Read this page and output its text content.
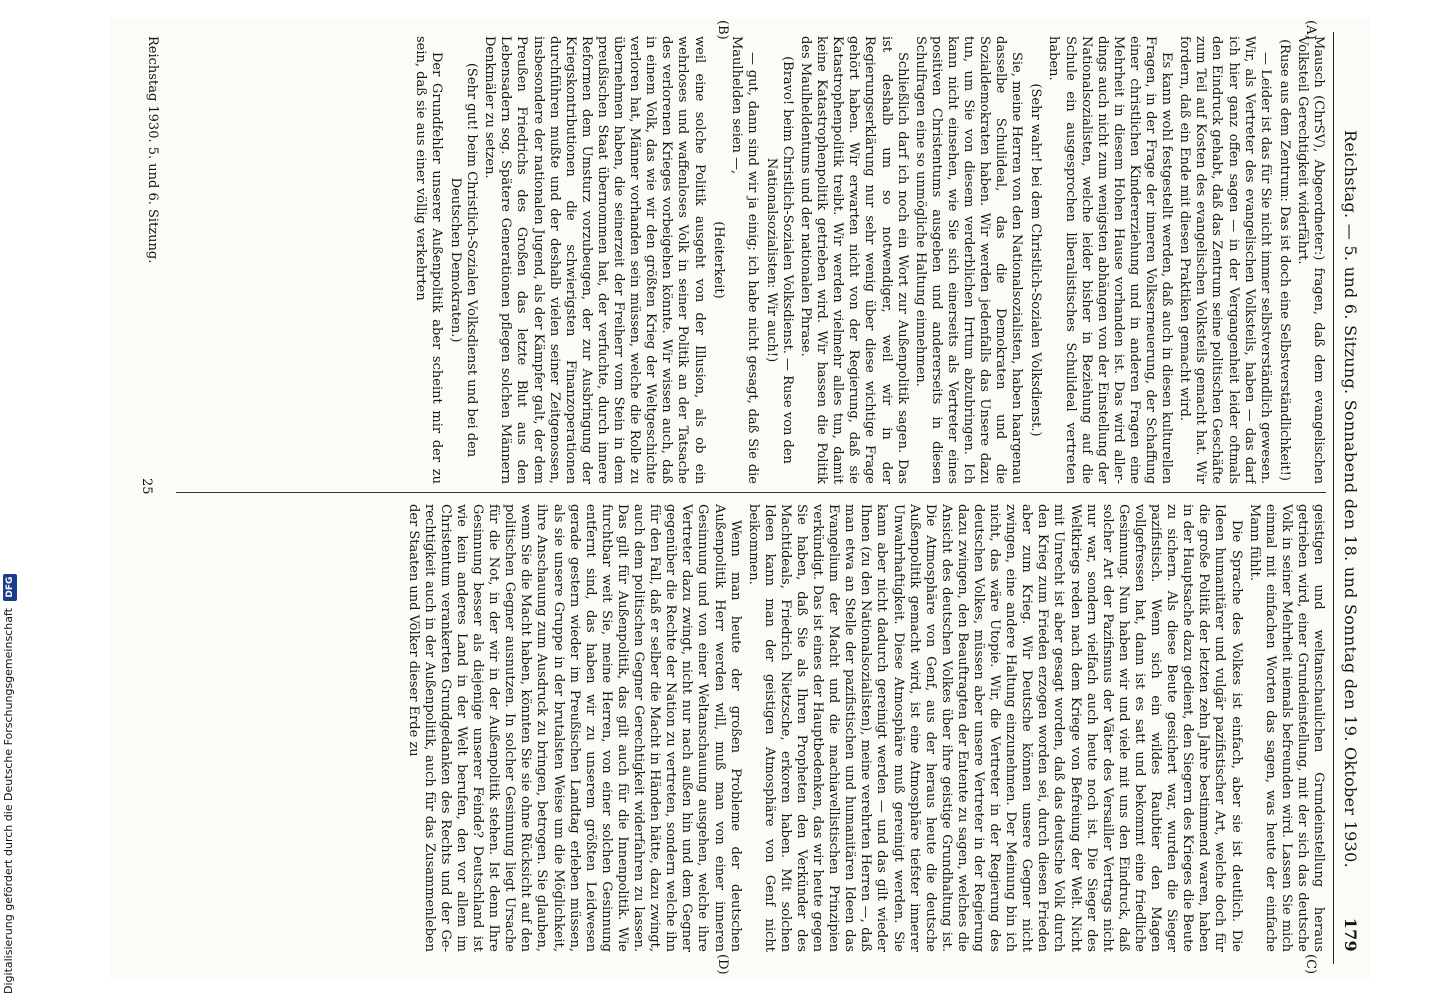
Reichstag. — 5. und 6. Sitzung. Sonnabend den 18. und Sonntag den 19. Oktober 1930.
179

Mausch (ChrSV), Abgeordneter:) fragen, daß dem evangelischen Volksteil Gerechtigkeit widerfährt.

(Ruse aus dem Zentrum: Das ist doch eine Selbstverständlichkeit!)

— Leider ist das für Sie nicht immer selbstverständlich gewesen. Wir, als Vertreter des evangelischen Volksteils, haben — das darf ich hier ganz offen sagen — in der Vergangenheit leider oftmals den Eindruck gehabt, daß das Zentrum seine politischen Geschäfte zum Teil auf Kosten des evangelischen Volksteils gemacht hat. Wir fordern, daß ein Ende mit diesen Praktiken gemacht wird.

Es kann wohl festgestellt werden, daß auch in diesen kulturellen Fragen, in der Frage der inneren Volkserneuerung, der Schaffung einer christlichen Kindererziehung und in anderen Fragen eine Mehrheit in diesem Hohen Hause vorhanden ist. Das wird allerdings auch nicht zum wenigsten abhängen von der Einstellung der Nationalsozialisten, welche leider bisher in Beziehung auf die Schule ein ausgesprochen liberalistisches Schulideal vertreten haben.

(Sehr wahr! bei dem Christlich-Sozialen Volksdienst.)

Sie, meine Herren von den Nationalsozialisten, haben haargenau dasselbe Schulideal, das die Demokraten und die Sozialdemokraten haben. Wir werden jedenfalls das Unsere dazu tun, um Sie von diesem verderblichen Irrtum abzubringen. Ich kann nicht einsehen, wie Sie sich einerseits als Vertreter eines positiven Christentums ausgeben und andererseits in diesen Schulfragen eine so unmögliche Haltung einnehmen.

Schließlich darf ich noch ein Wort zur Außenpolitik sagen. Das ist deshalb um so notwendiger, weil wir in der Regierungserklärung nur sehr wenig über diese wichtige Frage gehört haben. Wir erwarten nicht von der Regierung, daß sie Katastrophenpolitik treibt. Wir werden vielmehr alles tun, damit keine Katastrophenpolitik getrieben wird. Wir hassen die Politik des Maulheldentums und der nationalen Phrase.

(Bravo! beim Christlich-Sozialen Volksdienst. — Ruse von den Nationalsozialisten: Wir auch!)

— gut, dann sind wir ja einig; ich habe nicht gesagt, daß Sie die Maulhelden seien —,

(Heiterkeit)

weil eine solche Politik ausgeht von der Illusion, als ob ein wehrloses und waffenloses Volk in seiner Politik an der Tatsache des verlorenen Krieges vorbeigehen könnte. Wir wissen auch, daß in einem Volk, das wie wir den größten Krieg der Weltgeschichte verloren hat, Männer vorhanden sein müssen, welche die Rolle zu übernehmen haben, die seinerzeit der Freiherr vom Stein in dem preußischen Staat übernommen hat, der verfuchte, durch innere Reformen dem Umsturz vorzubeugen, der zur Ausbringung der Kriegskontributionen die schwierigsten Finanzoperationen durchführen mußte und der deshalb vielen seiner Zeitgenossen, insbesondere der nationalen Jugend, als der Kämpfer galt, der dem Preußen Friedrichs des Großen das letzte Blut aus den Lebensadern sog. Spätere Generationen pflegen solchen Männern Denkmäler zu setzen.

(Sehr gut! beim Christlich-Sozialen Volksdienst und bei den Deutschen Demokraten.)

Der Grundfehler unserer Außenpolitik aber scheint mir der zu sein, daß sie aus einer völlig verkehrten

geistigen und weltanschaulichen Grundeinstellung heraus getrieben wird, einer Grundeinstellung, mit der sich das deutsche Volk in seiner Mehrheit niemals befreunden wird. Lassen Sie mich einmal mit einfachen Worten das sagen, was heute der einfache Mann fühlt.

Die Sprache des Volkes ist einfach, aber sie ist deutlich. Die Ideen humanitärer und vulgär pazifistischer Art, welche doch für die große Politik der letzten zehn Jahre bestimmend waren, haben in der Hauptsache dazu gedient, den Siegern des Krieges die Beute zu sichern. Als diese Beute gesichert war, wurden die Sieger pazifistisch. Wenn sich ein wildes Raubtier den Magen vollgefressen hat, dann ist es satt und bekommt eine friedliche Gesinnung. Nun haben wir und viele mit uns den Eindruck, daß solcher Art der Pazifismus der Väter des Versailler Vertrags nicht nur war, sondern vielfach auch heute noch ist. Die Sieger des Weltkriegs reden nach dem Kriege von Befreiung der Welt. Nicht mit Unrecht ist aber gesagt worden, daß das deutsche Volk durch den Krieg zum Frieden erzogen worden sei, durch diesen Frieden aber zum Krieg. Wir Deutsche können unsere Gegner nicht zwingen, eine andere Haltung einzunehmen. Der Meinung bin ich nicht, das wäre Utopie. Wir, die Vertreter in der Regierung des deutschen Volkes, müssen aber unsere Vertreter in der Regierung dazu zwingen, den Beauftragten der Entente zu sagen, welches die Ansicht des deutschen Volkes über ihre geistige Grundhaltung ist. Die Atmosphäre von Genf, aus der heraus heute die deutsche Außenpolitik gemacht wird, ist eine Atmosphäre tiefster innerer Unwahrhaftigkeit. Diese Atmosphäre muß gereinigt werden. Sie kann aber nicht dadurch gereinigt werden — und das gilt wieder Ihnen (zu den Nationalsozialisten), meine verehrten Herren —, daß man etwa an Stelle der pazifistischen und humanitären Ideen das Evangelium der Macht und die machiavellistischen Prinzipien verkündigt. Das ist eines der Hauptbedenken, das wir heute gegen Sie haben, daß Sie als Ihren Propheten den Verkünder des Machtideals, Friedrich Nietzsche, erkoren haben. Mit solchen Ideen kann man der geistigen Atmosphäre von Genf nicht beikommen.

Wenn man heute der großen Probleme der deutschen Außenpolitik Herr werden will, muß man von einer inneren Gesinnung und von einer Weltanschauung ausgehen, welche ihre Vertreter dazu zwingt, nicht nur nach außen hin und dem Gegner gegenüber die Rechte der Nation zu vertreten, sondern welche ihn für den Fall, daß er selber die Macht in Händen hätte, dazu zwingt, auch dem politischen Gegner Gerechtigkeit widerfahren zu lassen. Das gilt für Außenpolitik, das gilt auch für die Innenpolitik. Wie furchtbar weit Sie, meine Herren, von einer solchen Gesinnung entfernt sind, das haben wir zu unserem größten Leidwesen gerade gestern wieder im Preußischen Landtag erleben müssen, als sie unsere Gruppe in der brutalsten Weise um die Möglichkeit, ihre Anschauung zum Ausdruck zu bringen, betrogen. Sie glauben, wenn Sie die Macht haben, könnten Sie sie ohne Rücksicht auf den politischen Gegner ausnutzen. In solcher Gesinnung liegt Ursache für die Not, in der wir in der Außenpolitik stehen. Ist denn Ihre Gesinnung besser als diejenige unserer Feinde? Deutschland ist wie kein anderes Land in der Welt berufen, den vor allem im Christentum verankerten Grundgedanken des Rechts und der Gerechtigkeit auch in der Außenpolitik, auch für das Zusammenleben der Staaten und Völker dieser Erde zu

(A)
(B)
(C)
(D)
Reichstag 1930. 5. und 6. Sitzung.
25
Digitalisierung gefördert durch die Deutsche Forschungsgemeinschaft DFG
